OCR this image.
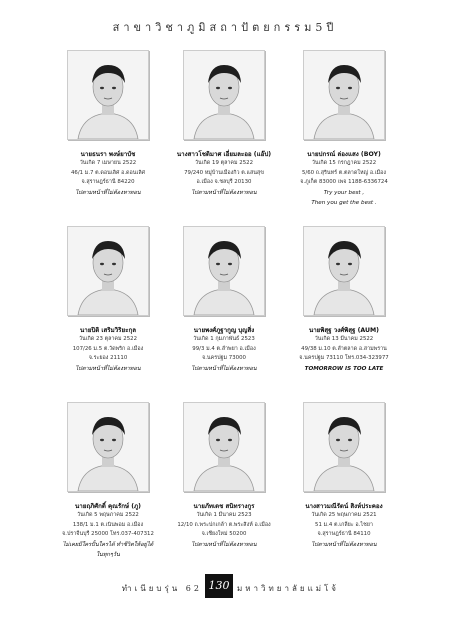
สาขาวิชาภูมิสถาปัตยกรรม5ปี
นายธนรา พงษ์ยาบัช
วันเกิด 7 เมษายน 2522
46/1 ม.7 ต.ดอนเลิศ อ.ดอนเลิศ
จ.สุราษฎร์ธานี 84220
ไปตามหน้าที่ไม่ต้องหาทอน
นางสาวโชติมาศ เอี่ยมละออ (แอ๊ป)
วันเกิด 19 ตุลาคม 2522
79/240 หมู่บ้านเมืองกิว ต.แสนสุข
อ.เมือง จ.ชลบุรี 20130
ไปตามหน้าที่ไม่ต้องหาทอน
นายปกรณ์ ล่องแสง (BOY)
วันเกิด 15 กรกฎาคม 2522
5/60 ถ.สุรินทร์ ต.ตลาดใหญ่ อ.เมือง
จ.ภูเก็ต 83000 เพจ 1188-6336724
Try your best ,
Then you get the best .
นายปิติ เสริมวิริยะกุล
วันเกิด 23 ตุลาคม 2522
107/26 ม.5 ต.วัดพริก อ.เมือง
จ.ระยอง 21110
ไปตามหน้าที่ไม่ต้องหาทอน
นายพงศ์ภูฐากูญ บุญสิ่ง
วันเกิด 1 กุมภาพันธ์ 2523
99/3 ม.4 ต.ลำพยา อ.เมือง
จ.นครปฐม 73000
ไปตามหน้าที่ไม่ต้องหาทอน
นายพิสุฐ วงศ์พิสุฐ (AUM)
วันเกิด 13 มีนาคม 2522
49/38 ม.10 ต.ลำตลาด อ.สามพราน
จ.นครปฐม 73110 โทร.034-323977
TOMORROW IS TOO LATE
นายฤภิศักดิ์ คุณรักษ์ (ภู)
วันเกิด 5 พฤษภาคม 2522
138/1 ม.1 ต.เนินพอม อ.เมือง
จ.ปราจีนบุรี 25000 โทร.037-407312
ไม่เคยมีใครปั้นใครได้ ทำชีวิตให้อยู่ได้
ในทุกๆวัน
นายภัทเดช สนิทรางกูร
วันเกิด 1 มีนาคม 2523
12/10 ถ.พระปกเกล้า ต.พระสิงห์ อ.เมือง
จ.เชียงใหม่ 50200
ไปตามหน้าที่ไม่ต้องหาทอน
นางสาวมณีรัตน์ สิงห์ประคอง
วันเกิด 25 พฤษภาคม 2521
51 ม.4 ต.เกลียะ อ.ไชยา
จ.สุราษฎร์ธานี 84110
ไปตามหน้าที่ไม่ต้องหาทอน
ทำเนียบรุ่น 62 130 มหาวิทยาลัยแม่โจ้
